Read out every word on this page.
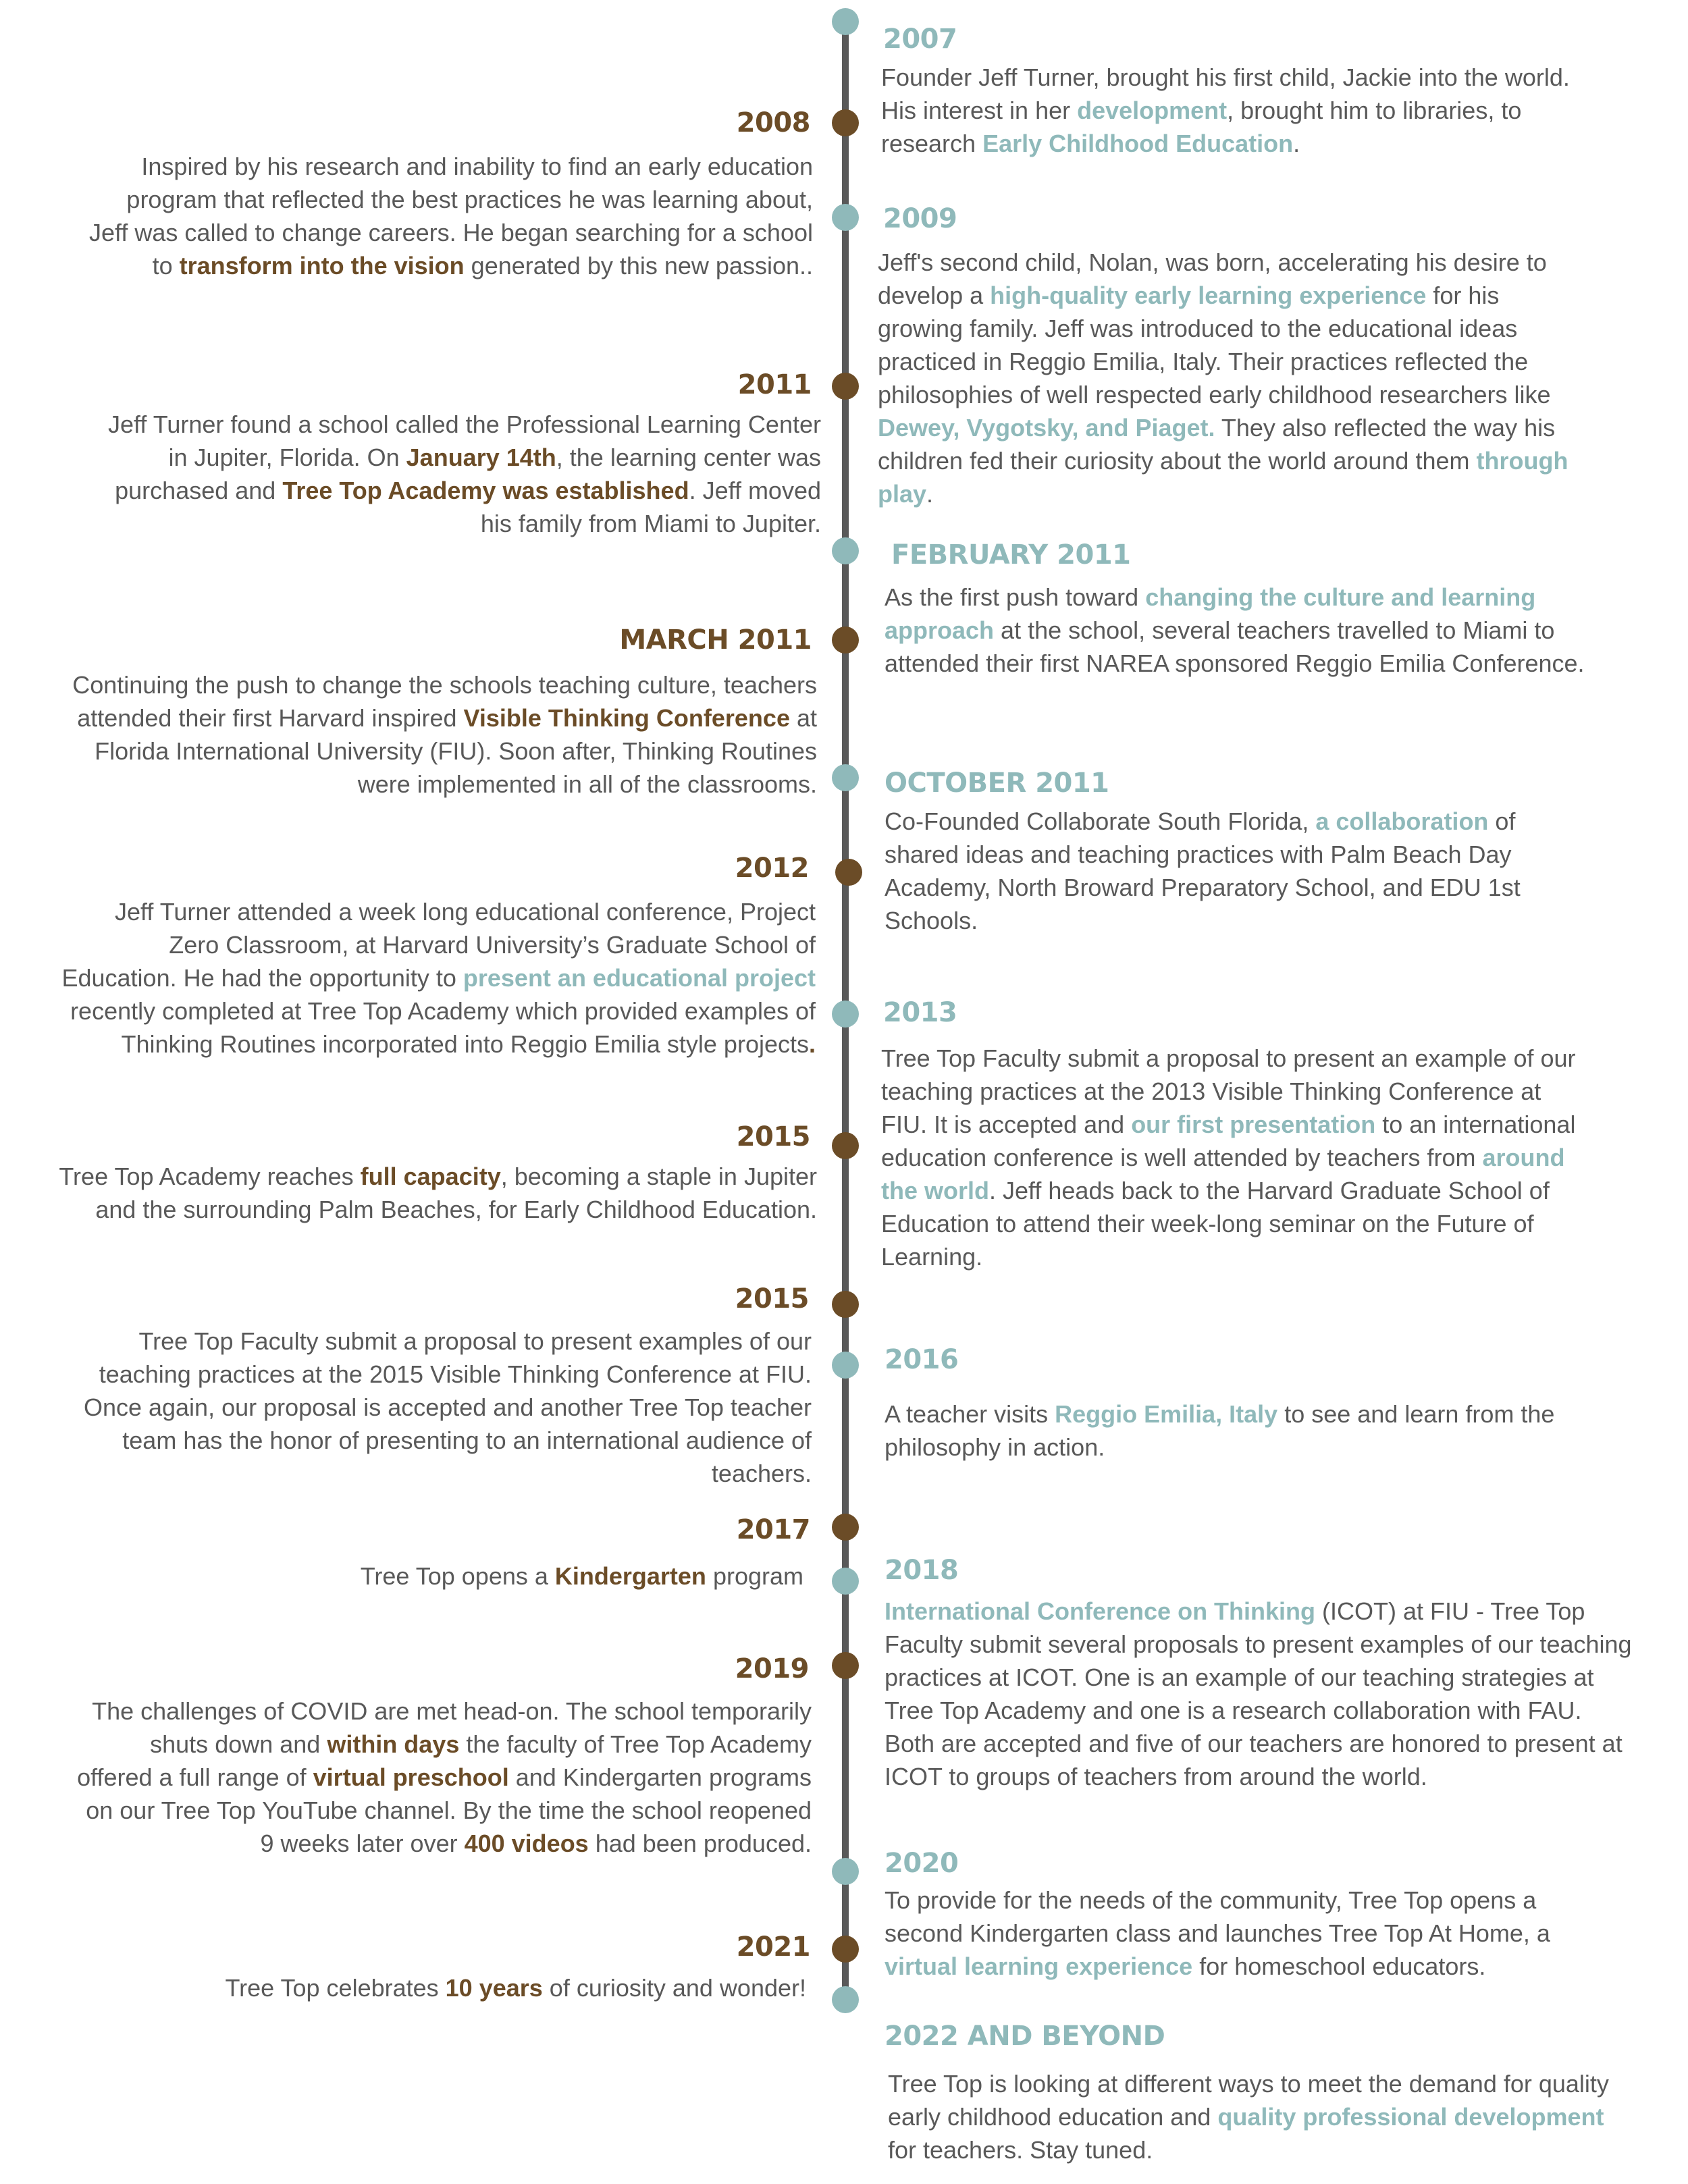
2007
Founder Jeff Turner, brought his first child, Jackie into the world. His interest in her development, brought him to libraries, to research Early Childhood Education.
2009
Jeff's second child, Nolan, was born, accelerating his desire to develop a high-quality early learning experience for his growing family. Jeff was introduced to the educational ideas practiced in Reggio Emilia, Italy. Their practices reflected the philosophies of well respected early childhood researchers like Dewey, Vygotsky, and Piaget. They also reflected the way his children fed their curiosity about the world around them through play.
FEBRUARY 2011
As the first push toward changing the culture and learning approach at the school, several teachers travelled to Miami to attended their first NAREA sponsored Reggio Emilia Conference.
OCTOBER 2011
Co-Founded Collaborate South Florida, a collaboration of shared ideas and teaching practices with Palm Beach Day Academy, North Broward Preparatory School, and EDU 1st Schools.
2013
Tree Top Faculty submit a proposal to present an example of our teaching practices at the 2013 Visible Thinking Conference at FIU. It is accepted and our first presentation to an international education conference is well attended by teachers from around the world. Jeff heads back to the Harvard Graduate School of Education to attend their week-long seminar on the Future of Learning.
2016
A teacher visits Reggio Emilia, Italy to see and learn from the philosophy in action.
2018
International Conference on Thinking (ICOT) at FIU - Tree Top Faculty submit several proposals to present examples of our teaching practices at ICOT. One is an example of our teaching strategies at Tree Top Academy and one is a research collaboration with FAU. Both are accepted and five of our teachers are honored to present at ICOT to groups of teachers from around the world.
2020
To provide for the needs of the community, Tree Top opens a second Kindergarten class and launches Tree Top At Home, a virtual learning experience for homeschool educators.
2022 AND BEYOND
Tree Top is looking at different ways to meet the demand for quality early childhood education and quality professional development for teachers. Stay tuned.
2008
Inspired by his research and inability to find an early education program that reflected the best practices he was learning about, Jeff was called to change careers. He began searching for a school to transform into the vision generated by this new passion..
2011
Jeff Turner found a school called the Professional Learning Center in Jupiter, Florida. On January 14th, the learning center was purchased and Tree Top Academy was established. Jeff moved his family from Miami to Jupiter.
MARCH 2011
Continuing the push to change the schools teaching culture, teachers attended their first Harvard inspired Visible Thinking Conference at Florida International University (FIU). Soon after, Thinking Routines were implemented in all of the classrooms.
2012
Jeff Turner attended a week long educational conference, Project Zero Classroom, at Harvard University’s Graduate School of Education. He had the opportunity to present an educational project recently completed at Tree Top Academy which provided examples of Thinking Routines incorporated into Reggio Emilia style projects.
2015
Tree Top Academy reaches full capacity, becoming a staple in Jupiter and the surrounding Palm Beaches, for Early Childhood Education.
2015
Tree Top Faculty submit a proposal to present examples of our teaching practices at the 2015 Visible Thinking Conference at FIU. Once again, our proposal is accepted and another Tree Top teacher team has the honor of presenting to an international audience of teachers.
2017
Tree Top opens a Kindergarten program
2019
The challenges of COVID are met head-on. The school temporarily shuts down and within days the faculty of Tree Top Academy offered a full range of virtual preschool and Kindergarten programs on our Tree Top YouTube channel. By the time the school reopened 9 weeks later over 400 videos had been produced.
2021
Tree Top celebrates 10 years of curiosity and wonder!
